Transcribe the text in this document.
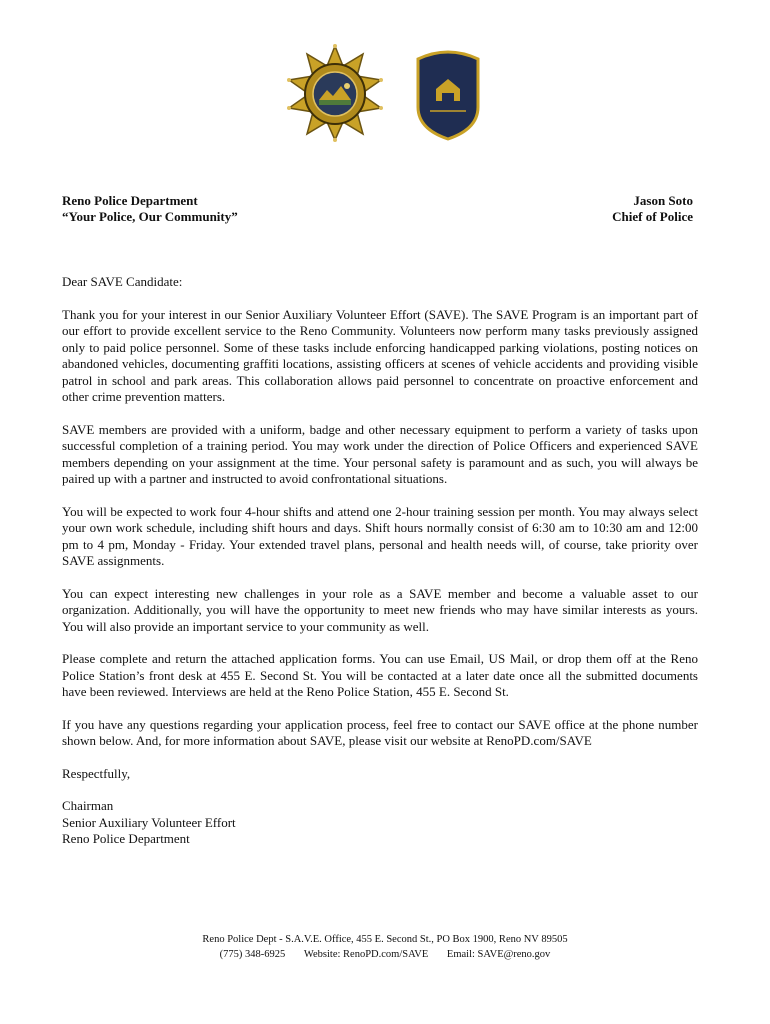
Reno Police Department
“Your Police, Our Community”
Jason Soto
Chief of Police

Dear SAVE Candidate:

Thank you for your interest in our Senior Auxiliary Volunteer Effort (SAVE). The SAVE Program is an important part of our effort to provide excellent service to the Reno Community. Volunteers now perform many tasks previously assigned only to paid police personnel. Some of these tasks include enforcing handicapped parking violations, posting notices on abandoned vehicles, documenting graffiti locations, assisting officers at scenes of vehicle accidents and providing visible patrol in school and park areas. This collaboration allows paid personnel to concentrate on proactive enforcement and other crime prevention matters.

SAVE members are provided with a uniform, badge and other necessary equipment to perform a variety of tasks upon successful completion of a training period. You may work under the direction of Police Officers and experienced SAVE members depending on your assignment at the time. Your personal safety is paramount and as such, you will always be paired up with a partner and instructed to avoid confrontational situations.

You will be expected to work four 4-hour shifts and attend one 2-hour training session per month. You may always select your own work schedule, including shift hours and days. Shift hours normally consist of 6:30 am to 10:30 am and 12:00 pm to 4 pm, Monday - Friday. Your extended travel plans, personal and health needs will, of course, take priority over SAVE assignments.

You can expect interesting new challenges in your role as a SAVE member and become a valuable asset to our organization. Additionally, you will have the opportunity to meet new friends who may have similar interests as yours. You will also provide an important service to your community as well.

Please complete and return the attached application forms. You can use Email, US Mail, or drop them off at the Reno Police Station’s front desk at 455 E. Second St. You will be contacted at a later date once all the submitted documents have been reviewed. Interviews are held at the Reno Police Station, 455 E. Second St.

If you have any questions regarding your application process, feel free to contact our SAVE office at the phone number shown below. And, for more information about SAVE, please visit our website at RenoPD.com/SAVE

Respectfully,

Chairman

Senior Auxiliary Volunteer Effort

Reno Police Department

Reno Police Dept - S.A.V.E. Office, 455 E. Second St., PO Box 1900, Reno NV 89505
(775) 348-6925 Website: RenoPD.com/SAVE Email: SAVE@reno.gov
